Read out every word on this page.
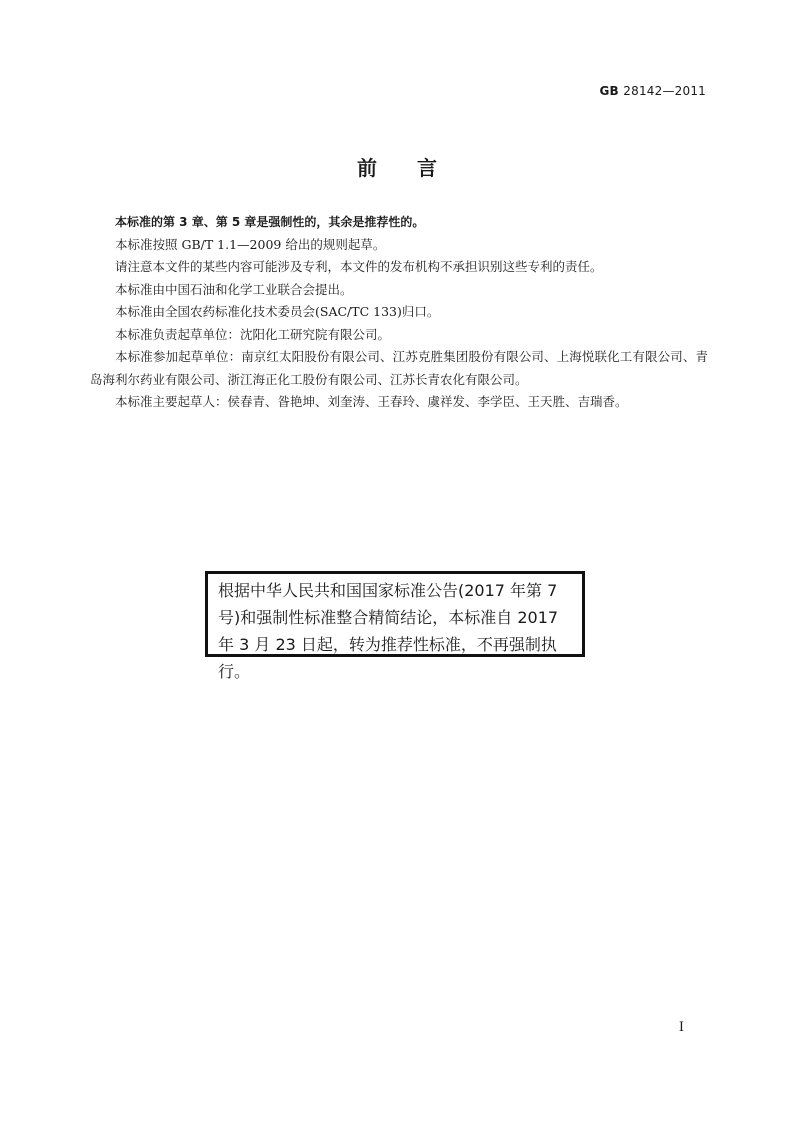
GB 28142—2011
前言

本标准的第 3 章、第 5 章是强制性的，其余是推荐性的。

本标准按照 GB/T 1.1—2009 给出的规则起草。

请注意本文件的某些内容可能涉及专利，本文件的发布机构不承担识别这些专利的责任。

本标准由中国石油和化学工业联合会提出。

本标准由全国农药标准化技术委员会(SAC/TC 133)归口。

本标准负责起草单位：沈阳化工研究院有限公司。

本标准参加起草单位：南京红太阳股份有限公司、江苏克胜集团股份有限公司、上海悦联化工有限公司、青岛海利尔药业有限公司、浙江海正化工股份有限公司、江苏长青农化有限公司。

本标准主要起草人：侯春青、昝艳坤、刘奎涛、王春玲、虞祥发、李学臣、王天胜、吉瑞香。

根据中华人民共和国国家标准公告(2017 年第 7 号)和强制性标准整合精简结论，本标准自 2017 年 3 月 23 日起，转为推荐性标准，不再强制执行。
I
